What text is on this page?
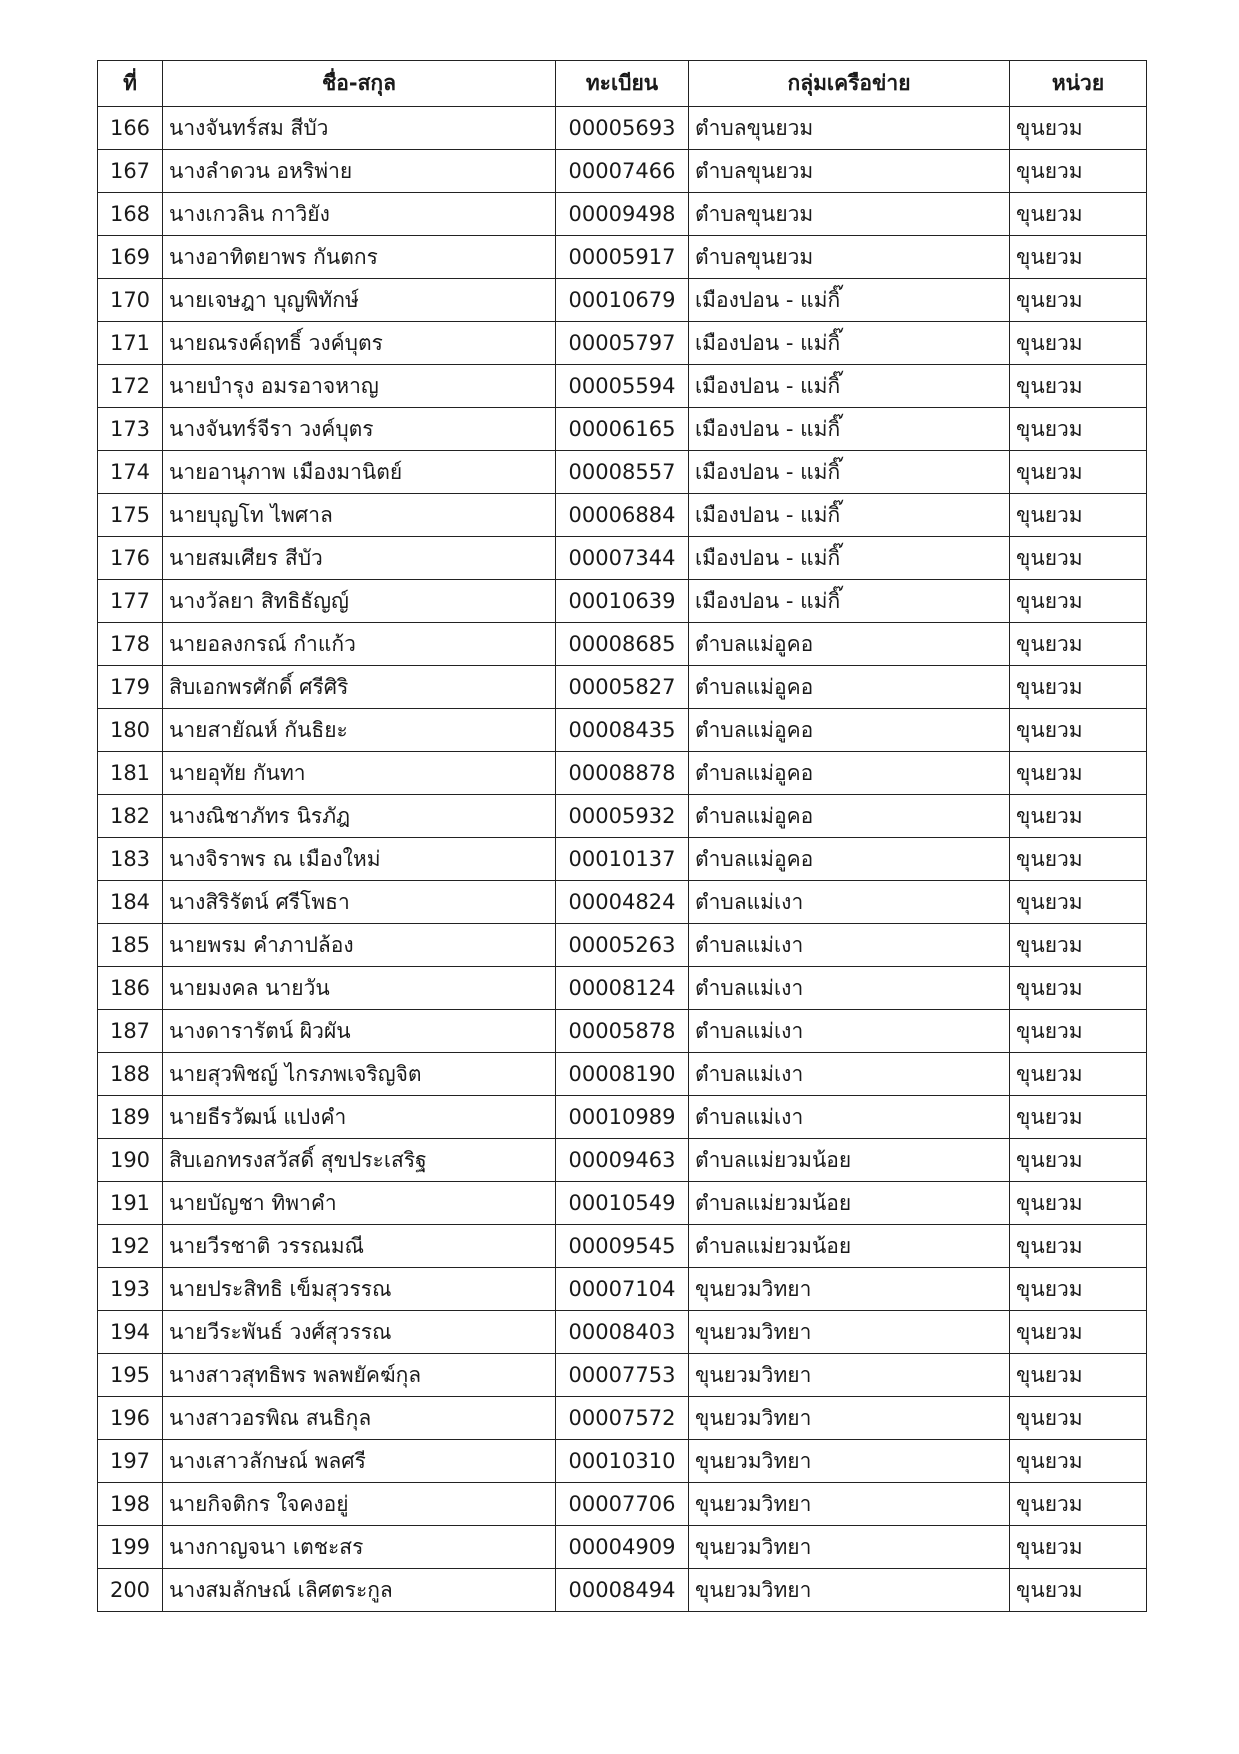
ที่	ชื่อ-สกุล	ทะเบียน	กลุ่มเครือข่าย	หน่วย
166	นางจันทร์สม สีบัว	00005693	ตำบลขุนยวม	ขุนยวม
167	นางลำดวน อหริพ่าย	00007466	ตำบลขุนยวม	ขุนยวม
168	นางเกวลิน กาวิยัง	00009498	ตำบลขุนยวม	ขุนยวม
169	นางอาทิตยาพร กันตกร	00005917	ตำบลขุนยวม	ขุนยวม
170	นายเจษฎา บุญพิทักษ์	00010679	เมืองปอน - แม่กิ๊	ขุนยวม
171	นายณรงค์ฤทธิ์ วงค์บุตร	00005797	เมืองปอน - แม่กิ๊	ขุนยวม
172	นายบำรุง อมรอาจหาญ	00005594	เมืองปอน - แม่กิ๊	ขุนยวม
173	นางจันทร์จีรา วงค์บุตร	00006165	เมืองปอน - แม่กิ๊	ขุนยวม
174	นายอานุภาพ เมืองมานิตย์	00008557	เมืองปอน - แม่กิ๊	ขุนยวม
175	นายบุญโท ไพศาล	00006884	เมืองปอน - แม่กิ๊	ขุนยวม
176	นายสมเศียร สีบัว	00007344	เมืองปอน - แม่กิ๊	ขุนยวม
177	นางวัลยา สิทธิธัญญ์	00010639	เมืองปอน - แม่กิ๊	ขุนยวม
178	นายอลงกรณ์ กำแก้ว	00008685	ตำบลแม่อูคอ	ขุนยวม
179	สิบเอกพรศักดิ์ ศรีศิริ	00005827	ตำบลแม่อูคอ	ขุนยวม
180	นายสายัณห์ กันธิยะ	00008435	ตำบลแม่อูคอ	ขุนยวม
181	นายอุทัย กันทา	00008878	ตำบลแม่อูคอ	ขุนยวม
182	นางณิชาภัทร นิรภัฎ	00005932	ตำบลแม่อูคอ	ขุนยวม
183	นางจิราพร ณ เมืองใหม่	00010137	ตำบลแม่อูคอ	ขุนยวม
184	นางสิริรัตน์ ศรีโพธา	00004824	ตำบลแม่เงา	ขุนยวม
185	นายพรม คำภาปล้อง	00005263	ตำบลแม่เงา	ขุนยวม
186	นายมงคล นายวัน	00008124	ตำบลแม่เงา	ขุนยวม
187	นางดารารัตน์ ผิวผัน	00005878	ตำบลแม่เงา	ขุนยวม
188	นายสุวพิชญ์ ไกรภพเจริญจิต	00008190	ตำบลแม่เงา	ขุนยวม
189	นายธีรวัฒน์ แปงคำ	00010989	ตำบลแม่เงา	ขุนยวม
190	สิบเอกทรงสวัสดิ์ สุขประเสริฐ	00009463	ตำบลแม่ยวมน้อย	ขุนยวม
191	นายบัญชา ทิพาคำ	00010549	ตำบลแม่ยวมน้อย	ขุนยวม
192	นายวีรชาติ วรรณมณี	00009545	ตำบลแม่ยวมน้อย	ขุนยวม
193	นายประสิทธิ เข็มสุวรรณ	00007104	ขุนยวมวิทยา	ขุนยวม
194	นายวีระพันธ์ วงศ์สุวรรณ	00008403	ขุนยวมวิทยา	ขุนยวม
195	นางสาวสุทธิพร พลพยัคฆ์กุล	00007753	ขุนยวมวิทยา	ขุนยวม
196	นางสาวอรพิณ สนธิกุล	00007572	ขุนยวมวิทยา	ขุนยวม
197	นางเสาวลักษณ์ พลศรี	00010310	ขุนยวมวิทยา	ขุนยวม
198	นายกิจติกร ใจคงอยู่	00007706	ขุนยวมวิทยา	ขุนยวม
199	นางกาญจนา เตชะสร	00004909	ขุนยวมวิทยา	ขุนยวม
200	นางสมลักษณ์ เลิศตระกูล	00008494	ขุนยวมวิทยา	ขุนยวม
